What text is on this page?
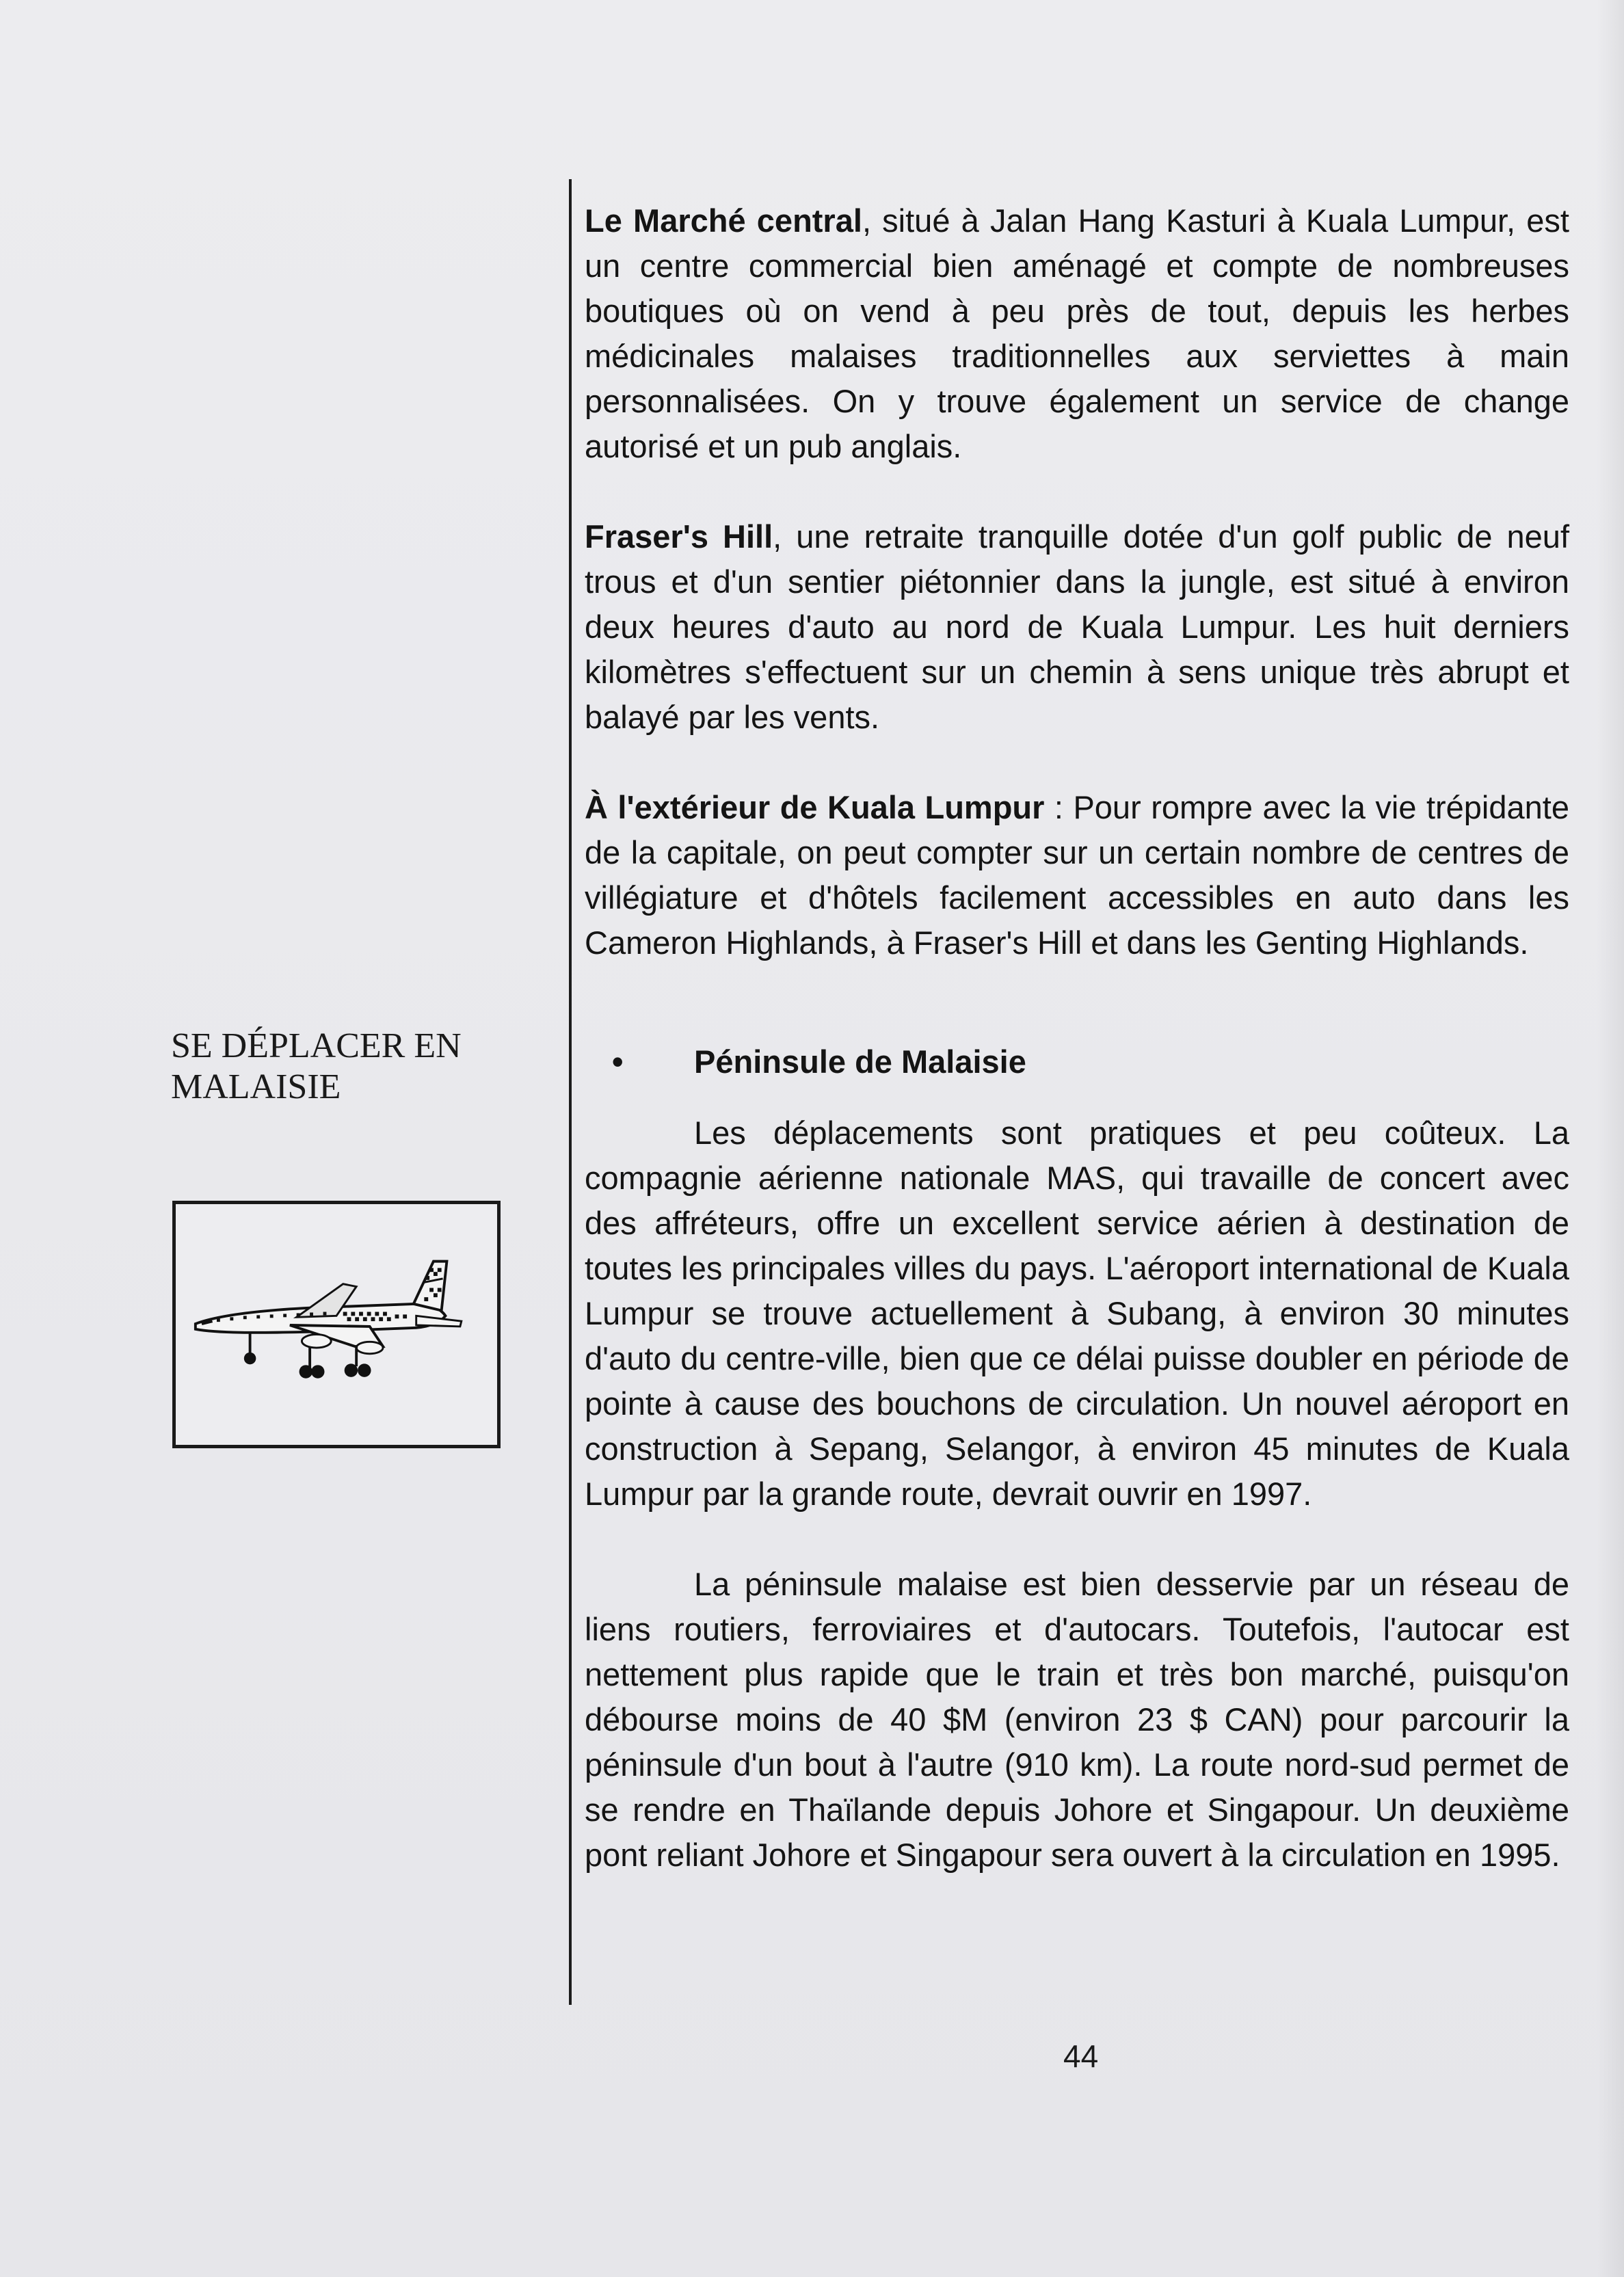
SE DÉPLACER EN MALAISIE

Le Marché central, situé à Jalan Hang Kasturi à Kuala Lumpur, est un centre commercial bien aménagé et compte de nombreuses boutiques où on vend à peu près de tout, depuis les herbes médicinales malaises traditionnelles aux serviettes à main personnalisées. On y trouve également un service de change autorisé et un pub anglais.

Fraser's Hill, une retraite tranquille dotée d'un golf public de neuf trous et d'un sentier piétonnier dans la jungle, est situé à environ deux heures d'auto au nord de Kuala Lumpur. Les huit derniers kilomètres s'effectuent sur un chemin à sens unique très abrupt et balayé par les vents.

À l'extérieur de Kuala Lumpur : Pour rompre avec la vie trépidante de la capitale, on peut compter sur un certain nombre de centres de villégiature et d'hôtels facilement accessibles en auto dans les Cameron Highlands, à Fraser's Hill et dans les Genting Highlands.

• Péninsule de Malaisie

Les déplacements sont pratiques et peu coûteux. La compagnie aérienne nationale MAS, qui travaille de concert avec des affréteurs, offre un excellent service aérien à destination de toutes les principales villes du pays. L'aéroport international de Kuala Lumpur se trouve actuellement à Subang, à environ 30 minutes d'auto du centre-ville, bien que ce délai puisse doubler en période de pointe à cause des bouchons de circulation. Un nouvel aéroport en construction à Sepang, Selangor, à environ 45 minutes de Kuala Lumpur par la grande route, devrait ouvrir en 1997.

La péninsule malaise est bien desservie par un réseau de liens routiers, ferroviaires et d'autocars. Toutefois, l'autocar est nettement plus rapide que le train et très bon marché, puisqu'on débourse moins de 40 $M (environ 23 $ CAN) pour parcourir la péninsule d'un bout à l'autre (910 km). La route nord-sud permet de se rendre en Thaïlande depuis Johore et Singapour. Un deuxième pont reliant Johore et Singapour sera ouvert à la circulation en 1995.

44
